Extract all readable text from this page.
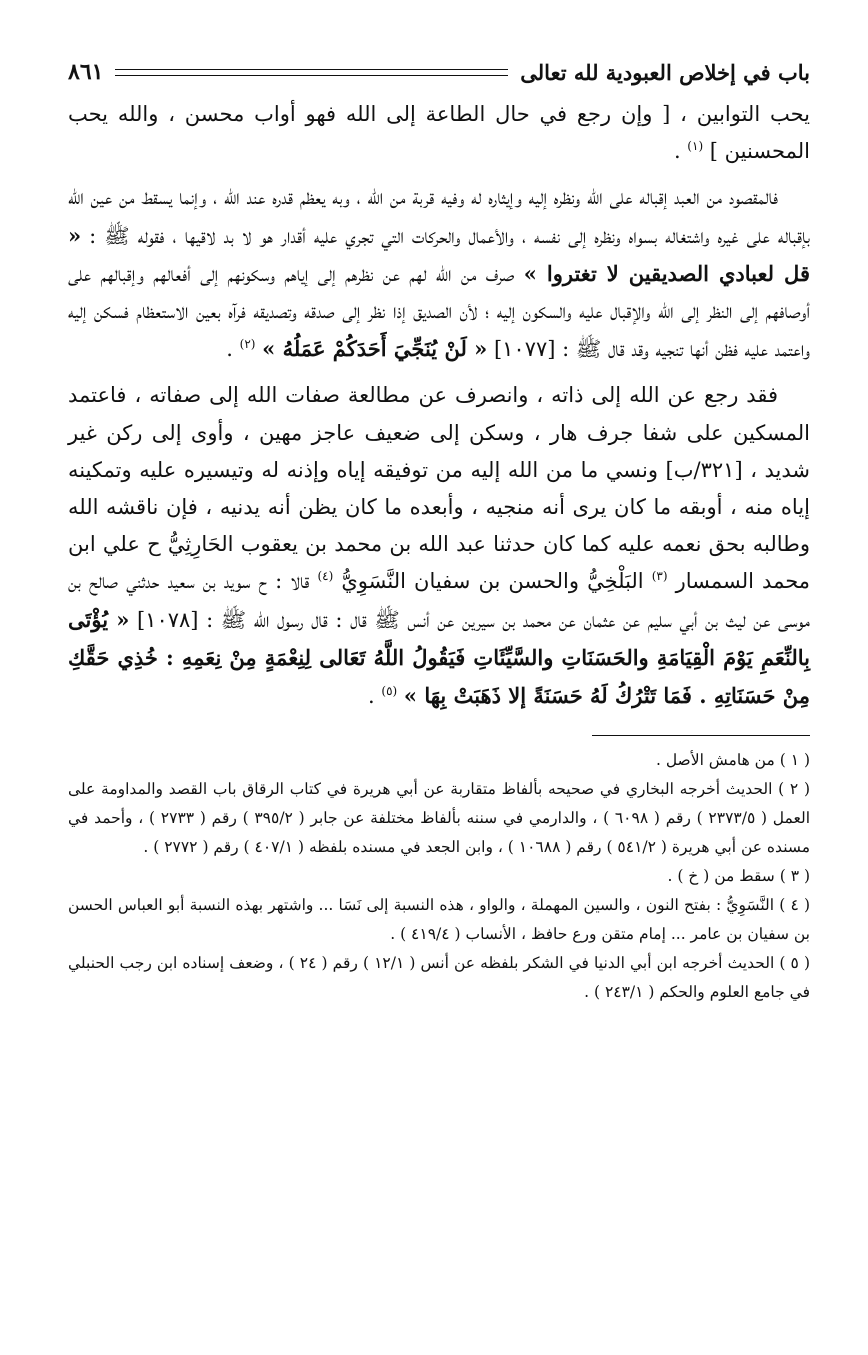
باب في إخلاص العبودية لله تعالى
٨٦١

يحب التوابين ، [ وإن رجع في حال الطاعة إلى الله فهو أواب محسن ، والله يحب المحسنين ] $^{(١)}$ .

فالمقصود من العبد إقباله على الله ونظره إليه وإيثاره له وفيه قربة من الله ، وبه يعظم قدره عند الله ، وإنما يسقط من عين الله بإقباله على غيره واشتغاله بسواه ونظره إلى نفسه ، والأعمال والحركات التي تجري عليه أقدار هو لا بد لاقيها ، فقوله ﷺ : « قل لعبادي الصديقين لا تغتروا » صرف من الله لهم عن نظرهم إلى إياهم وسكونهم إلى أفعالهم وإقبالهم على أوصافهم إلى النظر إلى الله والإقبال عليه والسكون إليه ؛ لأن الصديق إذا نظر إلى صدقه وتصديقه فرآه بعين الاستعظام فسكن إليه واعتمد عليه فظن أنها تنجيه وقد قال ﷺ : [١٠٧٧] « لَنْ يُنَجِّيَ أَحَدَكُمْ عَمَلُهُ » $^{(٢)}$ .

فقد رجع عن الله إلى ذاته ، وانصرف عن مطالعة صفات الله إلى صفاته ، فاعتمد المسكين على شفا جرف هار ، وسكن إلى ضعيف عاجز مهين ، وأوى إلى ركن غير شديد ، [٣٢١/ب] ونسي ما من الله إليه من توفيقه إياه وإذنه له وتيسيره عليه وتمكينه إياه منه ، أوبقه ما كان يرى أنه منجيه ، وأبعده ما كان يظن أنه يدنيه ، فإن ناقشه الله وطالبه بحق نعمه عليه كما كان حدثنا عبد الله بن محمد بن يعقوب الحَارِثِيُّ ح علي ابن محمد السمسار $^{(٣)}$ البَلْخِيُّ والحسن بن سفيان النَّسَوِيُّ $^{(٤)}$ قالا : ح سويد بن سعيد حدثني صالح بن موسى عن ليث بن أبي سليم عن عثمان عن محمد بن سيرين عن أنس ﷺ قال : قال رسول الله ﷺ : [١٠٧٨] « يُؤْتَى بِالنِّعَمِ يَوْمَ الْقِيَامَةِ والحَسَنَاتِ والسَّيِّئَاتِ فَيَقُولُ اللَّهُ تَعَالى لِنِعْمَةٍ مِنْ نِعَمِهِ : خُذِي حَقَّكِ مِنْ حَسَنَاتِهِ . فَمَا تَتْرُكُ لَهُ حَسَنَةً إلا ذَهَبَتْ بِهَا » $^{(٥)}$ .

( ١ ) من هامش الأصل .

( ٢ ) الحديث أخرجه البخاري في صحيحه بألفاظ متقاربة عن أبي هريرة في كتاب الرقاق باب القصد والمداومة على العمل ( ٢٣٧٣/٥ ) رقم ( ٦٠٩٨ ) ، والدارمي في سننه بألفاظ مختلفة عن جابر ( ٣٩٥/٢ ) رقم ( ٢٧٣٣ ) ، وأحمد في مسنده عن أبي هريرة ( ٥٤١/٢ ) رقم ( ١٠٦٨٨ ) ، وابن الجعد في مسنده بلفظه ( ٤٠٧/١ ) رقم ( ٢٧٧٢ ) .

( ٣ ) سقط من ( خ ) .

( ٤ ) النَّسَوِيُّ : بفتح النون ، والسين المهملة ، والواو ، هذه النسبة إلى نَسَا ... واشتهر بهذه النسبة أبو العباس الحسن بن سفيان بن عامر ... إمام متقن ورع حافظ ، الأنساب ( ٤١٩/٤ ) .

( ٥ ) الحديث أخرجه ابن أبي الدنيا في الشكر بلفظه عن أنس ( ١٢/١ ) رقم ( ٢٤ ) ، وضعف إسناده ابن رجب الحنبلي في جامع العلوم والحكم ( ٢٤٣/١ ) .
